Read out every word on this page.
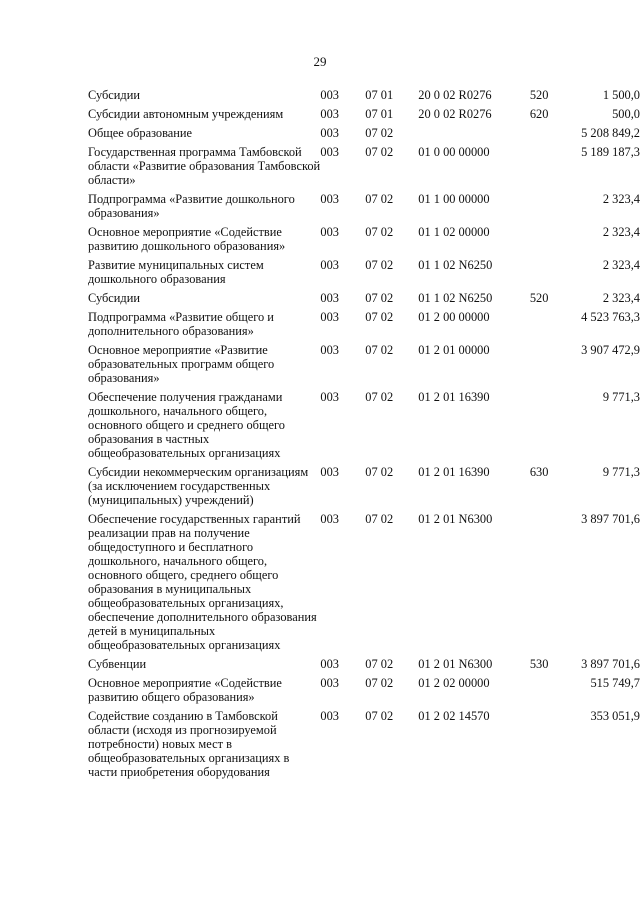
29
Субсидии	003	07 01	20 0 02 R0276	520	1 500,0
Субсидии автономным учреждениям	003	07 01	20 0 02 R0276	620	500,0
Общее образование	003	07 02			5 208 849,2
Государственная программа Тамбовской области «Развитие образования Тамбовской области»	003	07 02	01 0 00 00000		5 189 187,3
Подпрограмма «Развитие дошкольного образования»	003	07 02	01 1 00 00000		2 323,4
Основное мероприятие «Содействие развитию дошкольного образования»	003	07 02	01 1 02 00000		2 323,4
Развитие муниципальных систем дошкольного образования	003	07 02	01 1 02 N6250		2 323,4
Субсидии	003	07 02	01 1 02 N6250	520	2 323,4
Подпрограмма «Развитие общего и дополнительного образования»	003	07 02	01 2 00 00000		4 523 763,3
Основное мероприятие «Развитие образовательных программ общего образования»	003	07 02	01 2 01 00000		3 907 472,9
Обеспечение получения гражданами дошкольного, начального общего, основного общего и среднего общего образования в частных общеобразовательных организациях	003	07 02	01 2 01 16390		9 771,3
Субсидии некоммерческим организациям (за исключением государственных (муниципальных) учреждений)	003	07 02	01 2 01 16390	630	9 771,3
Обеспечение государственных гарантий реализации прав на получение общедоступного и бесплатного дошкольного, начального общего, основного общего, среднего общего образования в муниципальных общеобразовательных организациях, обеспечение дополнительного образования детей в муниципальных общеобразовательных организациях	003	07 02	01 2 01 N6300		3 897 701,6
Субвенции	003	07 02	01 2 01 N6300	530	3 897 701,6
Основное мероприятие «Содействие развитию общего образования»	003	07 02	01 2 02 00000		515 749,7
Содействие созданию в Тамбовской области (исходя из прогнозируемой потребности) новых мест в общеобразовательных организациях в части приобретения оборудования	003	07 02	01 2 02 14570		353 051,9
